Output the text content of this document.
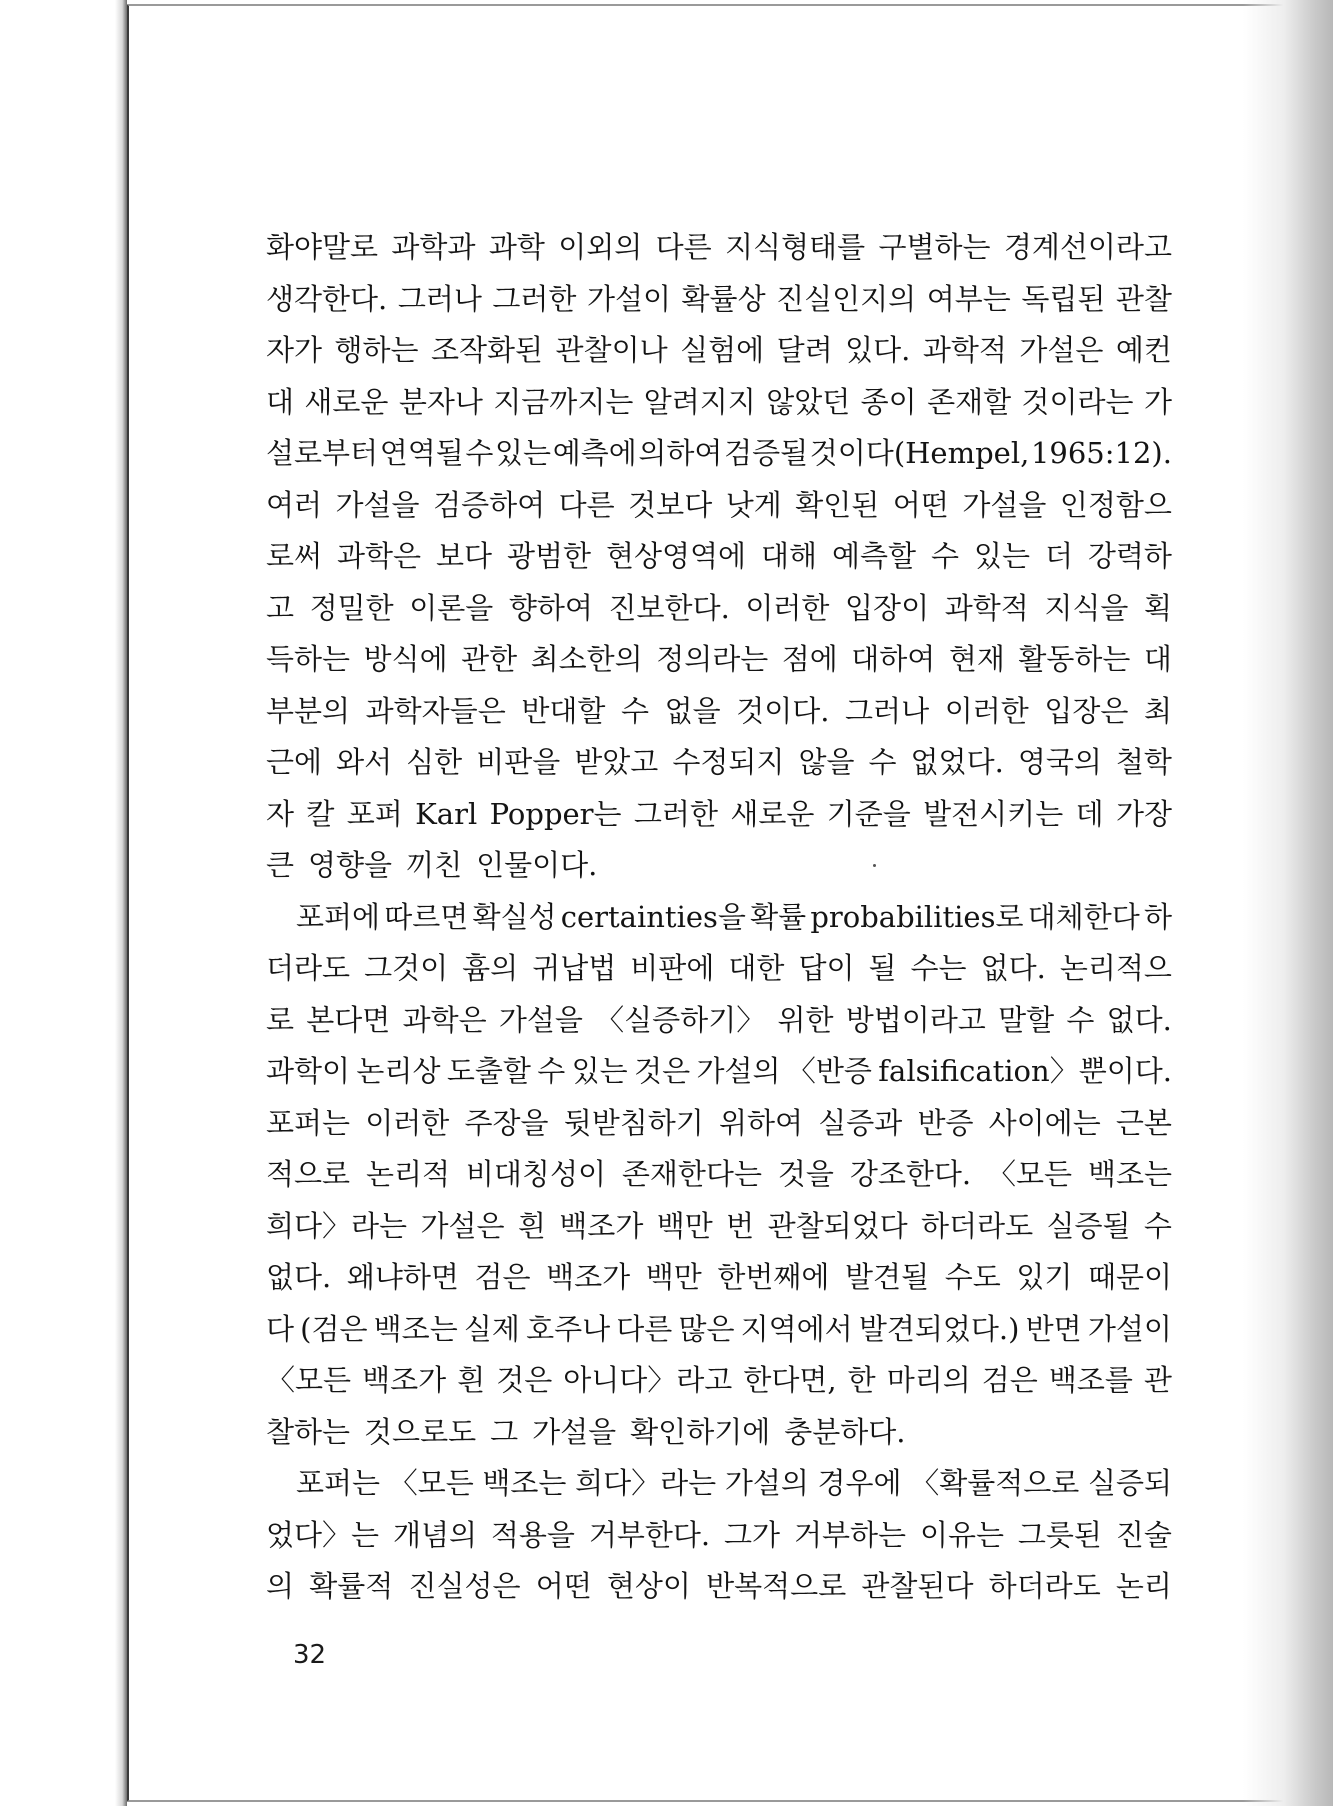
화야말로 과학과 과학 이외의 다른 지식형태를 구별하는 경계선이라고
생각한다. 그러나 그러한 가설이 확률상 진실인지의 여부는 독립된 관찰
자가 행하는 조작화된 관찰이나 실험에 달려 있다. 과학적 가설은 예컨
대 새로운 분자나 지금까지는 알려지지 않았던 종이 존재할 것이라는 가
설로부터 연역될 수 있는 예측에 의하여 검증될 것이다(Hempel, 1965:12).
여러 가설을 검증하여 다른 것보다 낫게 확인된 어떤 가설을 인정함으
로써 과학은 보다 광범한 현상영역에 대해 예측할 수 있는 더 강력하
고 정밀한 이론을 향하여 진보한다. 이러한 입장이 과학적 지식을 획
득하는 방식에 관한 최소한의 정의라는 점에 대하여 현재 활동하는 대
부분의 과학자들은 반대할 수 없을 것이다. 그러나 이러한 입장은 최
근에 와서 심한 비판을 받았고 수정되지 않을 수 없었다. 영국의 철학
자 칼 포퍼 Karl Popper는 그러한 새로운 기준을 발전시키는 데 가장
큰 영향을 끼친 인물이다.
포퍼에 따르면 확실성 certainties을 확률 probabilities로 대체한다 하
더라도 그것이 흄의 귀납법 비판에 대한 답이 될 수는 없다. 논리적으
로 본다면 과학은 가설을 〈실증하기〉 위한 방법이라고 말할 수 없다.
과학이 논리상 도출할 수 있는 것은 가설의 〈반증 falsification〉뿐이다.
포퍼는 이러한 주장을 뒷받침하기 위하여 실증과 반증 사이에는 근본
적으로 논리적 비대칭성이 존재한다는 것을 강조한다. 〈모든 백조는
희다〉라는 가설은 흰 백조가 백만 번 관찰되었다 하더라도 실증될 수
없다. 왜냐하면 검은 백조가 백만 한번째에 발견될 수도 있기 때문이
다 (검은 백조는 실제 호주나 다른 많은 지역에서 발견되었다.) 반면 가설이
〈모든 백조가 흰 것은 아니다〉라고 한다면, 한 마리의 검은 백조를 관
찰하는 것으로도 그 가설을 확인하기에 충분하다.
포퍼는 〈모든 백조는 희다〉라는 가설의 경우에 〈확률적으로 실증되
었다〉는 개념의 적용을 거부한다. 그가 거부하는 이유는 그릇된 진술
의 확률적 진실성은 어떤 현상이 반복적으로 관찰된다 하더라도 논리
32
